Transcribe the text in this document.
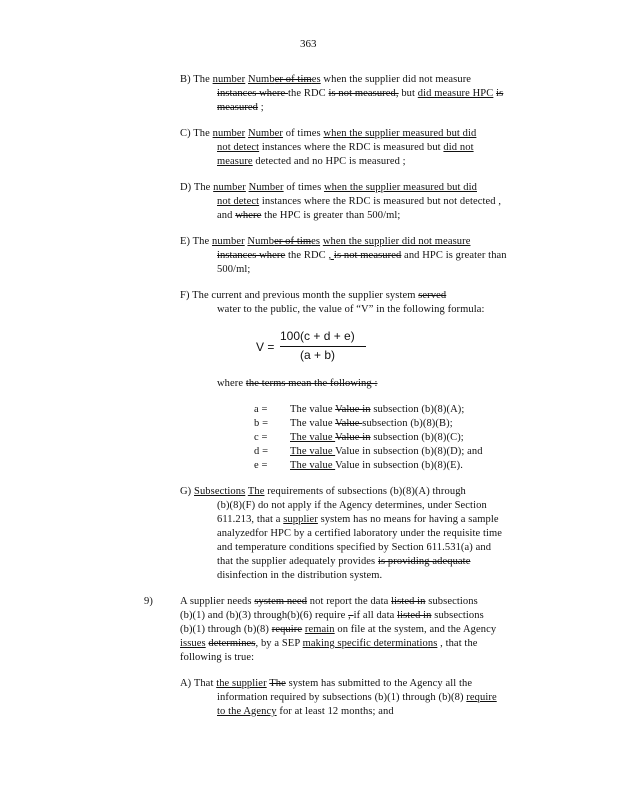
363
B) The number Number of times when the supplier did not measure
instances where the RDC is not measured, but did measure HPC is
measured ;
C) The number Number of times when the supplier measured but did
not detect instances where the RDC is measured but did not
measure detected and no HPC is measured ;
D) The number Number of times when the supplier measured but did
not detect instances where the RDC is measured but not detected ,
and where the HPC is greater than 500/ml;
E) The number Number of times when the supplier did not measure
instances where the RDC , is not measured and HPC is greater than
500/ml;
F) The current and previous month the supplier system served
water to the public, the value of “V” in the following formula:
V =
100(c + d + e)
(a + b)
where the terms mean the following :
a = The value Value in subsection (b)(8)(A);
b = The value Value subsection (b)(8)(B);
c = The value Value in subsection (b)(8)(C);
d = The value Value in subsection (b)(8)(D); and
e = The value Value in subsection (b)(8)(E).
G) Subsections The requirements of subsections (b)(8)(A) through
(b)(8)(F) do not apply if the Agency determines, under Section
611.213, that a supplier system has no means for having a sample
analyzedfor HPC by a certified laboratory under the requisite time
and temperature conditions specified by Section 611.531(a) and
that the supplier adequately provides is providing adequate
disinfection in the distribution system.
9)	A supplier needs system need not report the data listed in subsections
(b)(1) and (b)(3) through(b)(6) require , if all data listed in subsections
(b)(1) through (b)(8) require remain on file at the system, and the Agency
issues determines, by a SEP making specific determinations , that the
following is true:
A) That the supplier The system has submitted to the Agency all the
information required by subsections (b)(1) through (b)(8) require
to the Agency for at least 12 months; and
